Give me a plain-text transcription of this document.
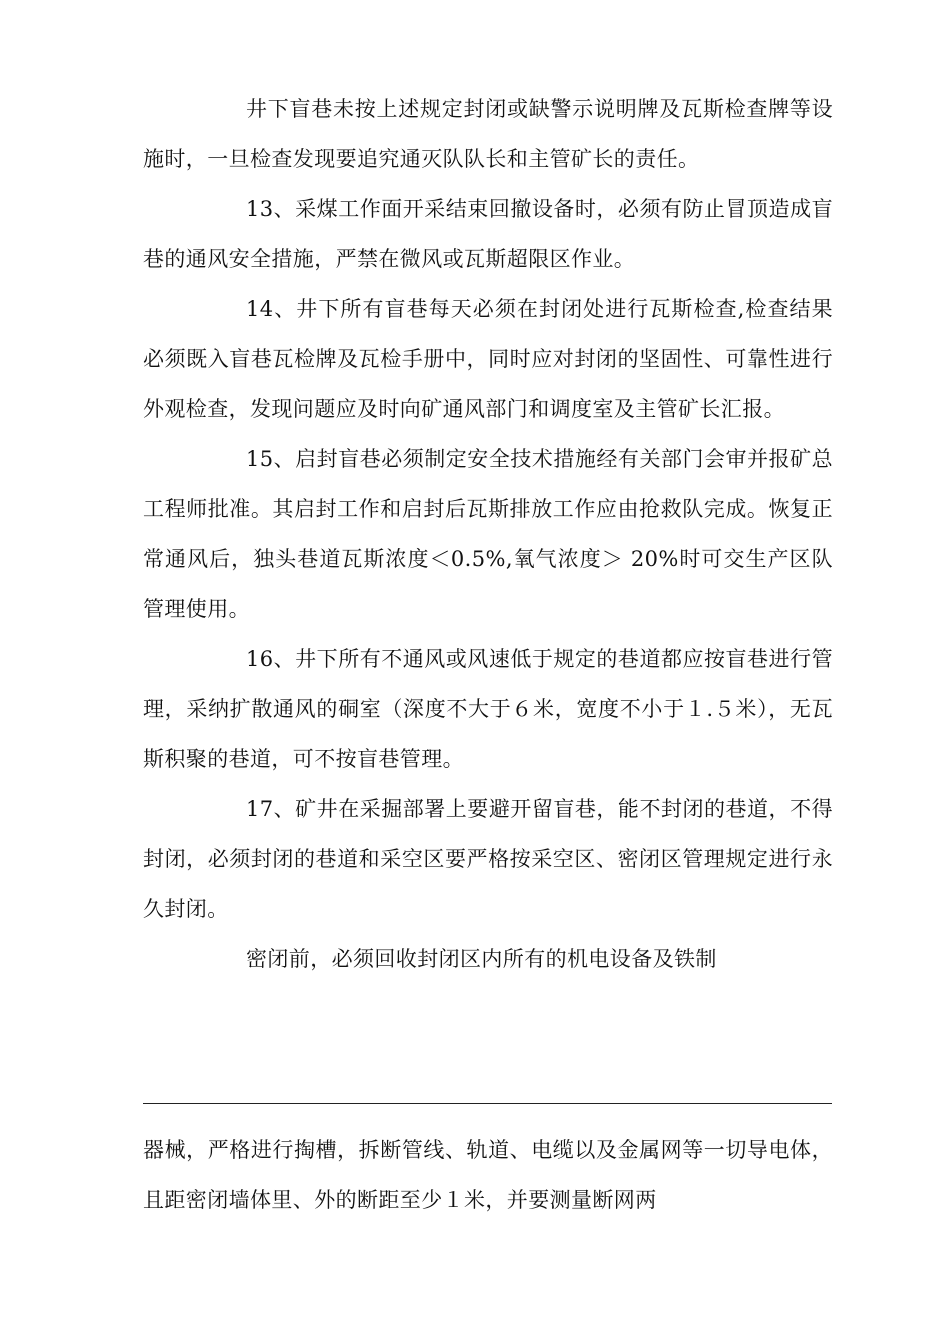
井下盲巷未按上述规定封闭或缺警示说明牌及瓦斯检查牌等设施时，一旦检查发现要追究通灭队队长和主管矿长的责任。

13、采煤工作面开采结束回撤设备时，必须有防止冒顶造成盲巷的通风安全措施，严禁在微风或瓦斯超限区作业。

14、井下所有盲巷每天必须在封闭处进行瓦斯检查,检查结果必须既入盲巷瓦检牌及瓦检手册中，同时应对封闭的坚固性、可靠性进行外观检查，发现问题应及时向矿通风部门和调度室及主管矿长汇报。

15、启封盲巷必须制定安全技术措施经有关部门会审并报矿总工程师批准。其启封工作和启封后瓦斯排放工作应由抢救队完成。恢复正常通风后，独头巷道瓦斯浓度＜0.5%,氧气浓度＞ 20%时可交生产区队管理使用。

16、井下所有不通风或风速低于规定的巷道都应按盲巷进行管理，采纳扩散通风的硐室（深度不大于６米，宽度不小于１.５米），无瓦斯积聚的巷道，可不按盲巷管理。

17、矿井在采掘部署上要避开留盲巷，能不封闭的巷道，不得封闭，必须封闭的巷道和采空区要严格按采空区、密闭区管理规定进行永久封闭。

密闭前，必须回收封闭区内所有的机电设备及铁制

器械，严格进行掏槽，拆断管线、轨道、电缆以及金属网等一切导电体，且距密闭墙体里、外的断距至少１米，并要测量断网两
